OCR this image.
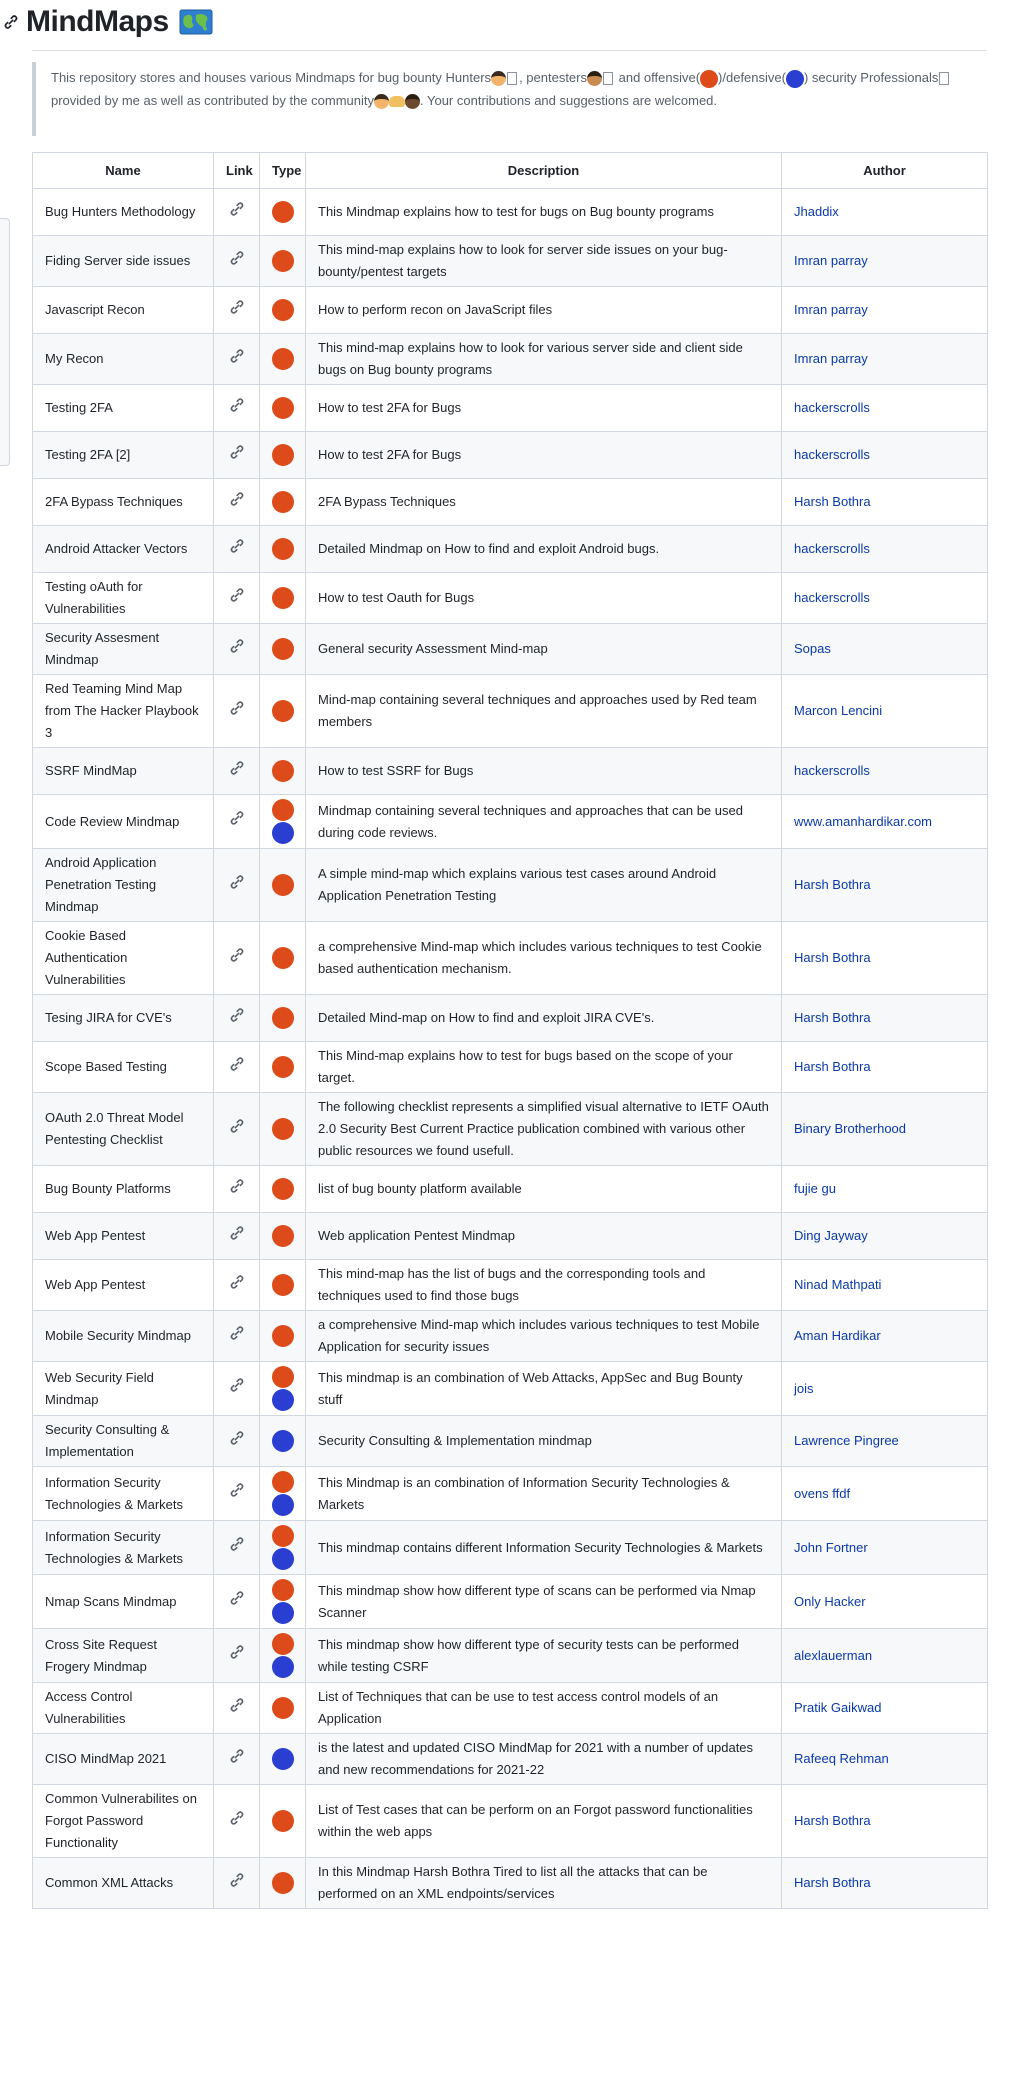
MindMaps
This repository stores and houses various Mindmaps for bug bounty Hunters , pentesters and offensive( )/defensive( ) security Professionals provided by me as well as contributed by the community	. Your contributions and suggestions are welcomed.
Name	Link	Type	Description	Author
Bug Hunters Methodology			This Mindmap explains how to test for bugs on Bug bounty programs	Jhaddix
Fiding Server side issues			This mind-map explains how to look for server side issues on your bug-bounty/pentest targets	Imran parray
Javascript Recon			How to perform recon on JavaScript files	Imran parray
My Recon			This mind-map explains how to look for various server side and client side bugs on Bug bounty programs	Imran parray
Testing 2FA			How to test 2FA for Bugs	hackerscrolls
Testing 2FA [2]			How to test 2FA for Bugs	hackerscrolls
2FA Bypass Techniques			2FA Bypass Techniques	Harsh Bothra
Android Attacker Vectors			Detailed Mindmap on How to find and exploit Android bugs.	hackerscrolls
Testing oAuth for Vulnerabilities			How to test Oauth for Bugs	hackerscrolls
Security Assesment Mindmap			General security Assessment Mind-map	Sopas
Red Teaming Mind Map from The Hacker Playbook 3			Mind-map containing several techniques and approaches used by Red team members	Marcon Lencini
SSRF MindMap			How to test SSRF for Bugs	hackerscrolls
Code Review Mindmap			Mindmap containing several techniques and approaches that can be used during code reviews.	www.amanhardikar.com
Android Application Penetration Testing Mindmap			A simple mind-map which explains various test cases around Android Application Penetration Testing	Harsh Bothra
Cookie Based Authentication Vulnerabilities			a comprehensive Mind-map which includes various techniques to test Cookie based authentication mechanism.	Harsh Bothra
Tesing JIRA for CVE's			Detailed Mind-map on How to find and exploit JIRA CVE's.	Harsh Bothra
Scope Based Testing			This Mind-map explains how to test for bugs based on the scope of your target.	Harsh Bothra
OAuth 2.0 Threat Model Pentesting Checklist			The following checklist represents a simplified visual alternative to IETF OAuth 2.0 Security Best Current Practice publication combined with various other public resources we found usefull.	Binary Brotherhood
Bug Bounty Platforms			list of bug bounty platform available	fujie gu
Web App Pentest			Web application Pentest Mindmap	Ding Jayway
Web App Pentest			This mind-map has the list of bugs and the corresponding tools and techniques used to find those bugs	Ninad Mathpati
Mobile Security Mindmap			a comprehensive Mind-map which includes various techniques to test Mobile Application for security issues	Aman Hardikar
Web Security Field Mindmap			This mindmap is an combination of Web Attacks, AppSec and Bug Bounty stuff	jois
Security Consulting & Implementation			Security Consulting & Implementation mindmap	Lawrence Pingree
Information Security Technologies & Markets			This Mindmap is an combination of Information Security Technologies & Markets	ovens ffdf
Information Security Technologies & Markets			This mindmap contains different Information Security Technologies & Markets	John Fortner
Nmap Scans Mindmap			This mindmap show how different type of scans can be performed via Nmap Scanner	Only Hacker
Cross Site Request Frogery Mindmap			This mindmap show how different type of security tests can be performed while testing CSRF	alexlauerman
Access Control Vulnerabilities			List of Techniques that can be use to test access control models of an Application	Pratik Gaikwad
CISO MindMap 2021			is the latest and updated CISO MindMap for 2021 with a number of updates and new recommendations for 2021-22	Rafeeq Rehman
Common Vulnerabilites on Forgot Password Functionality			List of Test cases that can be perform on an Forgot password functionalities within the web apps	Harsh Bothra
Common XML Attacks			In this Mindmap Harsh Bothra Tired to list all the attacks that can be performed on an XML endpoints/services	Harsh Bothra
